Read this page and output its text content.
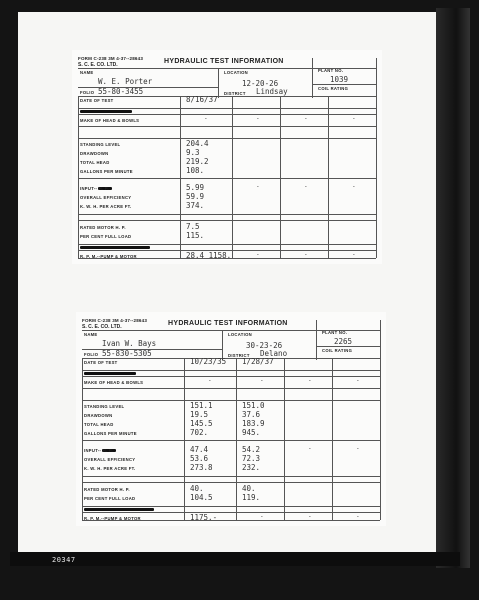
20347
FORM C-238 3M 4-37--28643
S. C. E. CO. LTD.	HYDRAULIC TEST INFORMATION
NAME	LOCATION	PLANT NO.
W. E. Porter	12-20-26	1039
FOLIO 55-80-3455	DISTRICT Lindsay	COIL RATING
DATE OF TEST	8/16/37
MAKE OF HEAD & BOWLS	-	-	-	-
STANDING LEVEL	204.4
DRAWDOWN	9.3
TOTAL HEAD	219.2
GALLONS PER MINUTE	108.
INPUT-- H. P.	5.99	-	-	-
OVERALL EFFICIENCY	59.9
K. W. H. PER ACRE FT.	374.
RATED MOTOR H. P.	7.5
PER CENT FULL LOAD	115.
R. P. M.--PUMP & MOTOR	28.4 1158.	-	-	-
FORM C-238 3M 4-37--28643
S. C. E. CO. LTD.	HYDRAULIC TEST INFORMATION
NAME	LOCATION	PLANT NO.
Ivan W. Bays	30-23-26	2265
FOLIO 55-830-5305	DISTRICT Delano	COIL RATING
DATE OF TEST	10/23/35 1/28/37
MAKE OF HEAD & BOWLS	-	-	-	-
STANDING LEVEL	151.1	151.0
DRAWDOWN	19.5	37.6
TOTAL HEAD	145.5	183.9
GALLONS PER MINUTE	702.	945.
INPUT-- H. P.	47.4	54.2	-	-
OVERALL EFFICIENCY	53.6	72.3
K. W. H. PER ACRE FT.	273.8	232.
RATED MOTOR H. P.	40.	40.
PER CENT FULL LOAD	104.5	119.
R. P. M.--PUMP & MOTOR	1175.-	-	-	-
